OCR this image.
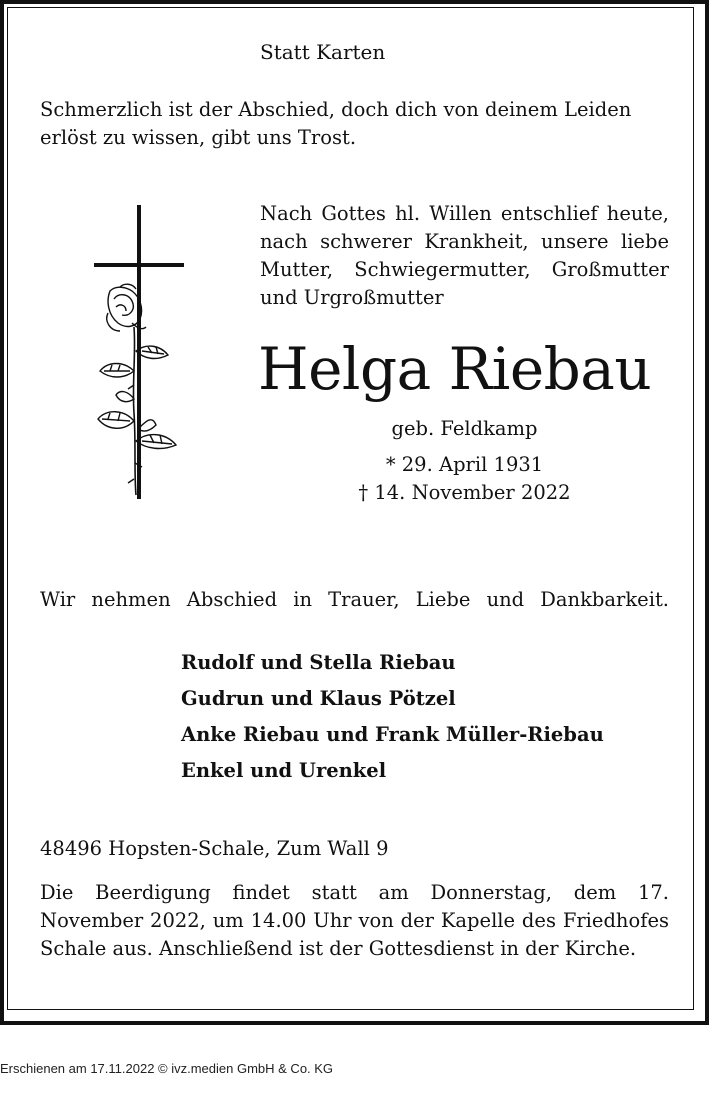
Statt Karten

Schmerzlich ist der Abschied, doch dich von deinem Leiden erlöst zu wissen, gibt uns Trost.

Nach Gottes hl. Willen entschlief heute, nach schwerer Krankheit, unsere liebe Mutter, Schwiegermutter, Großmutter und Urgroßmutter

Helga Riebau

geb. Feldkamp

* 29. April 1931

† 14. November 2022

Wir nehmen Abschied in Trauer, Liebe und Dankbarkeit.

Rudolf und Stella Riebau
Gudrun und Klaus Pötzel
Anke Riebau und Frank Müller-Riebau
Enkel und Urenkel

48496 Hopsten-Schale, Zum Wall 9

Die Beerdigung findet statt am Donnerstag, dem 17. November 2022, um 14.00 Uhr von der Kapelle des Friedhofes Schale aus. Anschließend ist der Gottesdienst in der Kirche.

Erschienen am 17.11.2022 © ivz.medien GmbH & Co. KG
